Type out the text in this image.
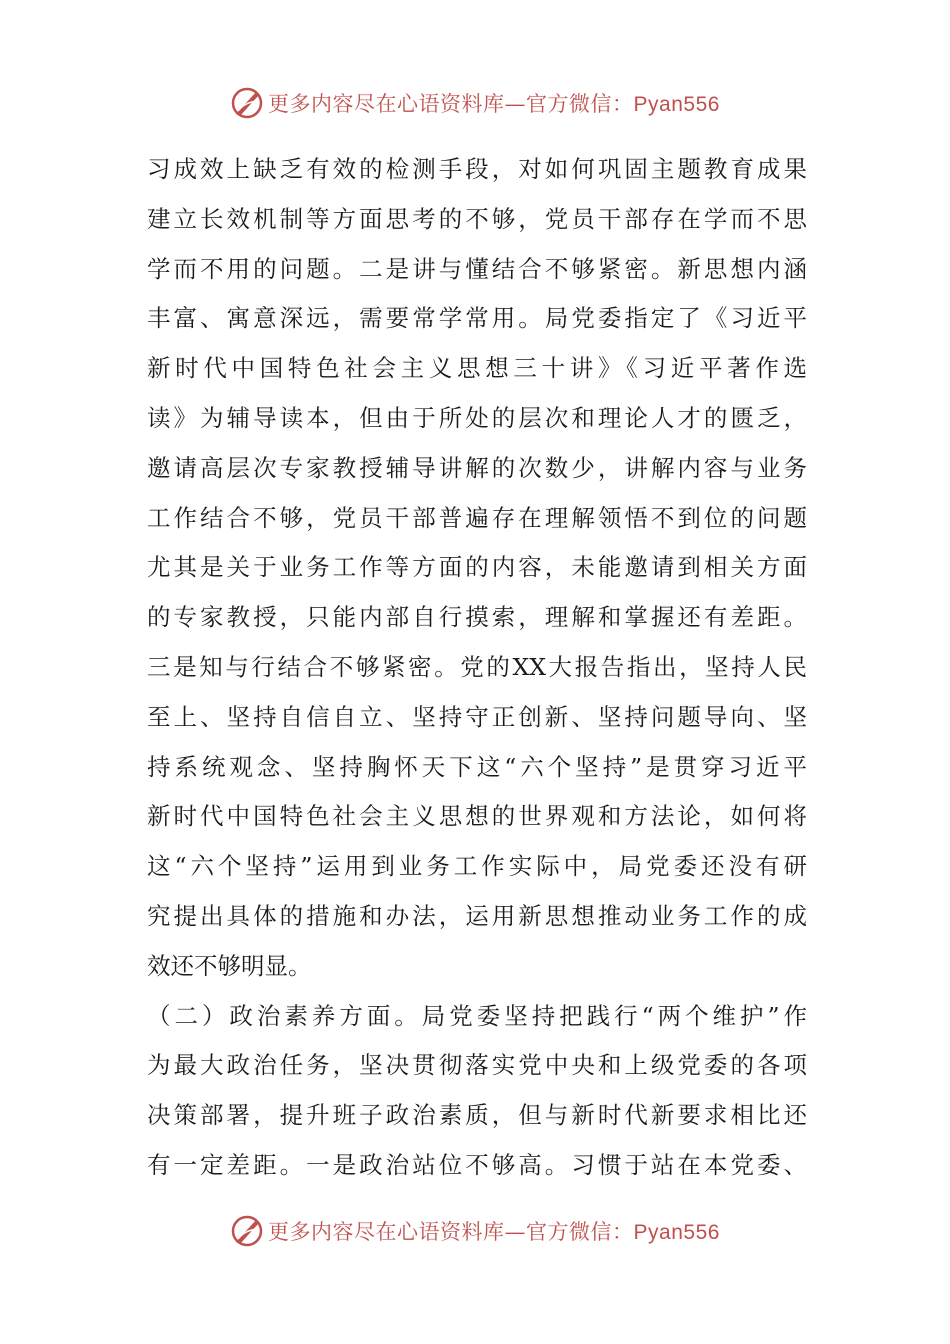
更多内容尽在心语资料库—官方微信：Pyan556
习成效上缺乏有效的检测手段，对如何巩固主题教育成果
建立长效机制等方面思考的不够，党员干部存在学而不思
学而不用的问题。二是讲与懂结合不够紧密。新思想内涵
丰富、寓意深远，需要常学常用。局党委指定了《习近平
新时代中国特色社会主义思想三十讲》《习近平著作选
读》为辅导读本，但由于所处的层次和理论人才的匮乏，
邀请高层次专家教授辅导讲解的次数少，讲解内容与业务
工作结合不够，党员干部普遍存在理解领悟不到位的问题
尤其是关于业务工作等方面的内容，未能邀请到相关方面
的专家教授，只能内部自行摸索，理解和掌握还有差距。
三是知与行结合不够紧密。党的XX大报告指出，坚持人民
至上、坚持自信自立、坚持守正创新、坚持问题导向、坚
持系统观念、坚持胸怀天下这“六个坚持”是贯穿习近平
新时代中国特色社会主义思想的世界观和方法论，如何将
这“六个坚持”运用到业务工作实际中，局党委还没有研
究提出具体的措施和办法，运用新思想推动业务工作的成
效还不够明显。
（二）政治素养方面。局党委坚持把践行“两个维护”作
为最大政治任务，坚决贯彻落实党中央和上级党委的各项
决策部署，提升班子政治素质，但与新时代新要求相比还
有一定差距。一是政治站位不够高。习惯于站在本党委、
更多内容尽在心语资料库—官方微信：Pyan556
